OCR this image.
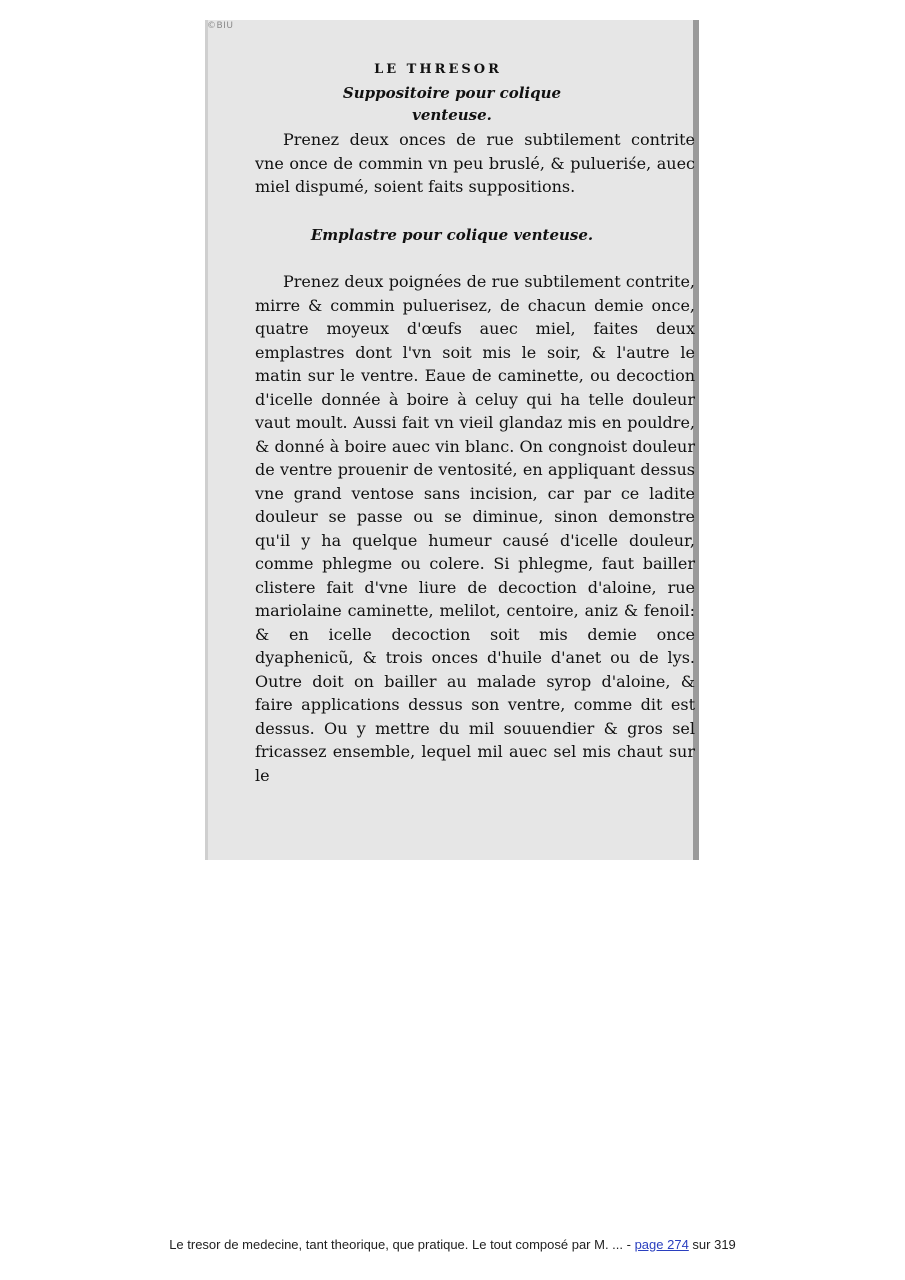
©BIU
LE THRESOR
Suppositoire pour colique
venteuse.

Prenez deux onces de rue subtilement contrite vne once de commin vn peu bruslé, & pulueriśe, auec miel dispumé, soient faits suppositions.

Emplastre pour colique venteuse.

Prenez deux poignées de rue subtilement contrite, mirre & commin puluerisez, de chacun demie once, quatre moyeux d'œufs auec miel, faites deux emplastres dont l'vn soit mis le soir, & l'autre le matin sur le ventre. Eaue de caminette, ou decoction d'icelle donnée à boire à celuy qui ha telle douleur vaut moult. Aussi fait vn vieil glandaz mis en pouldre, & donné à boire auec vin blanc. On congnoist douleur de ventre prouenir de ventosité, en appliquant dessus vne grand ventose sans incision, car par ce ladite douleur se passe ou se diminue, sinon demonstre qu'il y ha quelque humeur causé d'icelle douleur, comme phlegme ou colere. Si phlegme, faut bailler clistere fait d'vne liure de decoction d'aloine, rue mariolaine caminette, melilot, centoire, aniz & fenoil: & en icelle decoction soit mis demie once dyaphenicũ, & trois onces d'huile d'anet ou de lys. Outre doit on bailler au malade syrop d'aloine, & faire applications dessus son ventre, comme dit est dessus. Ou y mettre du mil souuendier & gros sel fricassez ensemble, lequel mil auec sel mis chaut sur le

Le tresor de medecine, tant theorique, que pratique. Le tout composé par M. ... - page 274 sur 319
